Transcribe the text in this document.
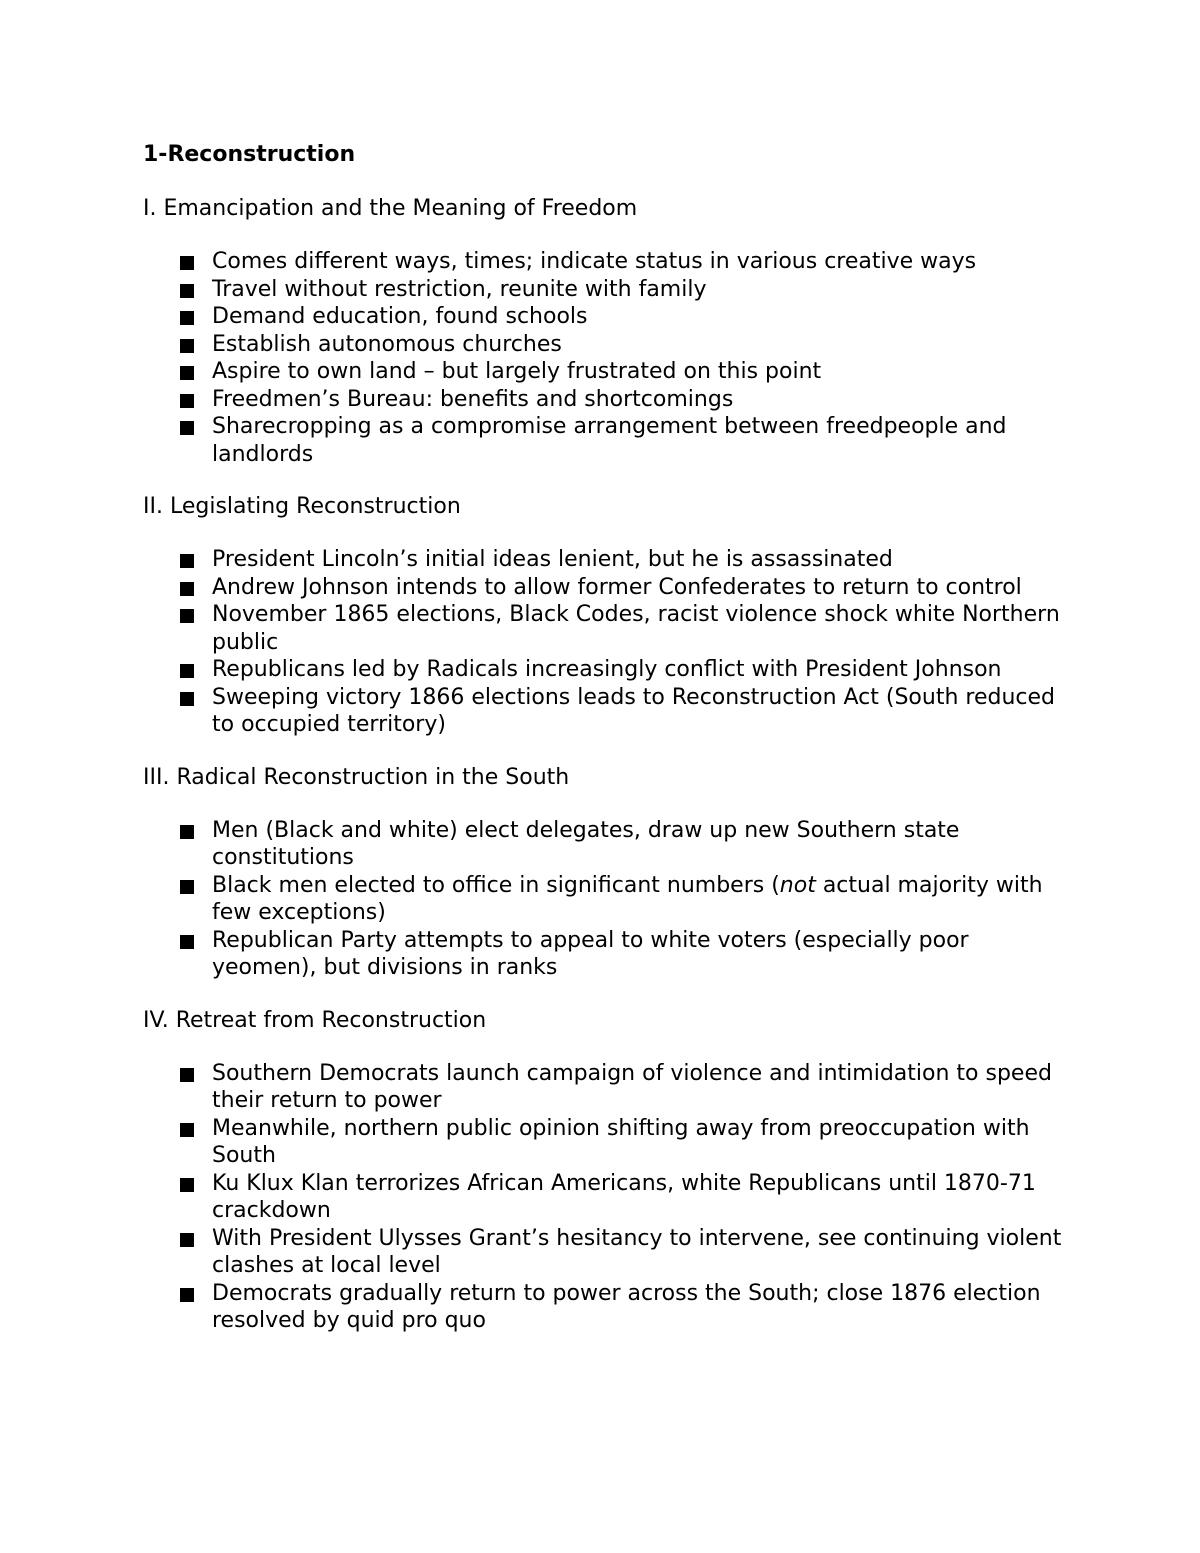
1-Reconstruction
I. Emancipation and the Meaning of Freedom
Comes different ways, times; indicate status in various creative ways
Travel without restriction, reunite with family
Demand education, found schools
Establish autonomous churches
Aspire to own land – but largely frustrated on this point
Freedmen’s Bureau: benefits and shortcomings
Sharecropping as a compromise arrangement between freedpeople and landlords
II. Legislating Reconstruction
President Lincoln’s initial ideas lenient, but he is assassinated
Andrew Johnson intends to allow former Confederates to return to control
November 1865 elections, Black Codes, racist violence shock white Northern public
Republicans led by Radicals increasingly conflict with President Johnson
Sweeping victory 1866 elections leads to Reconstruction Act (South reduced to occupied territory)
III. Radical Reconstruction in the South
Men (Black and white) elect delegates, draw up new Southern state constitutions
Black men elected to office in significant numbers (not actual majority with few exceptions)
Republican Party attempts to appeal to white voters (especially poor yeomen), but divisions in ranks
IV. Retreat from Reconstruction
Southern Democrats launch campaign of violence and intimidation to speed their return to power
Meanwhile, northern public opinion shifting away from preoccupation with South
Ku Klux Klan terrorizes African Americans, white Republicans until 1870-71 crackdown
With President Ulysses Grant’s hesitancy to intervene, see continuing violent clashes at local level
Democrats gradually return to power across the South; close 1876 election resolved by quid pro quo
